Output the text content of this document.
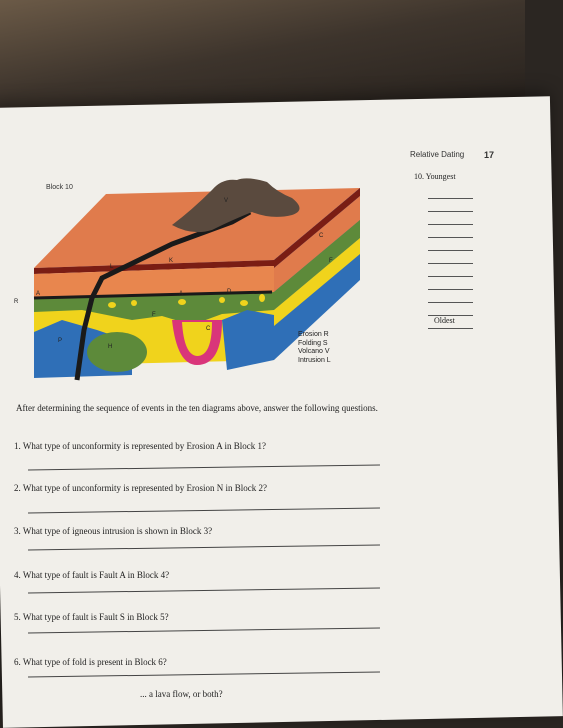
Relative Dating 17
10. Youngest
Oldest
Block 10
V
L
K
R
A	A	D
F
F
C
C
P
H
Erosion R
Folding S
Volcano V
Intrusion L
After determining the sequence of events in the ten diagrams above, answer the following questions.
1. What type of unconformity is represented by Erosion A in Block 1?
2. What type of unconformity is represented by Erosion N in Block 2?
3. What type of igneous intrusion is shown in Block 3?
4. What type of fault is Fault A in Block 4?
5. What type of fault is Fault S in Block 5?
6. What type of fold is present in Block 6?
... a lava flow, or both?
